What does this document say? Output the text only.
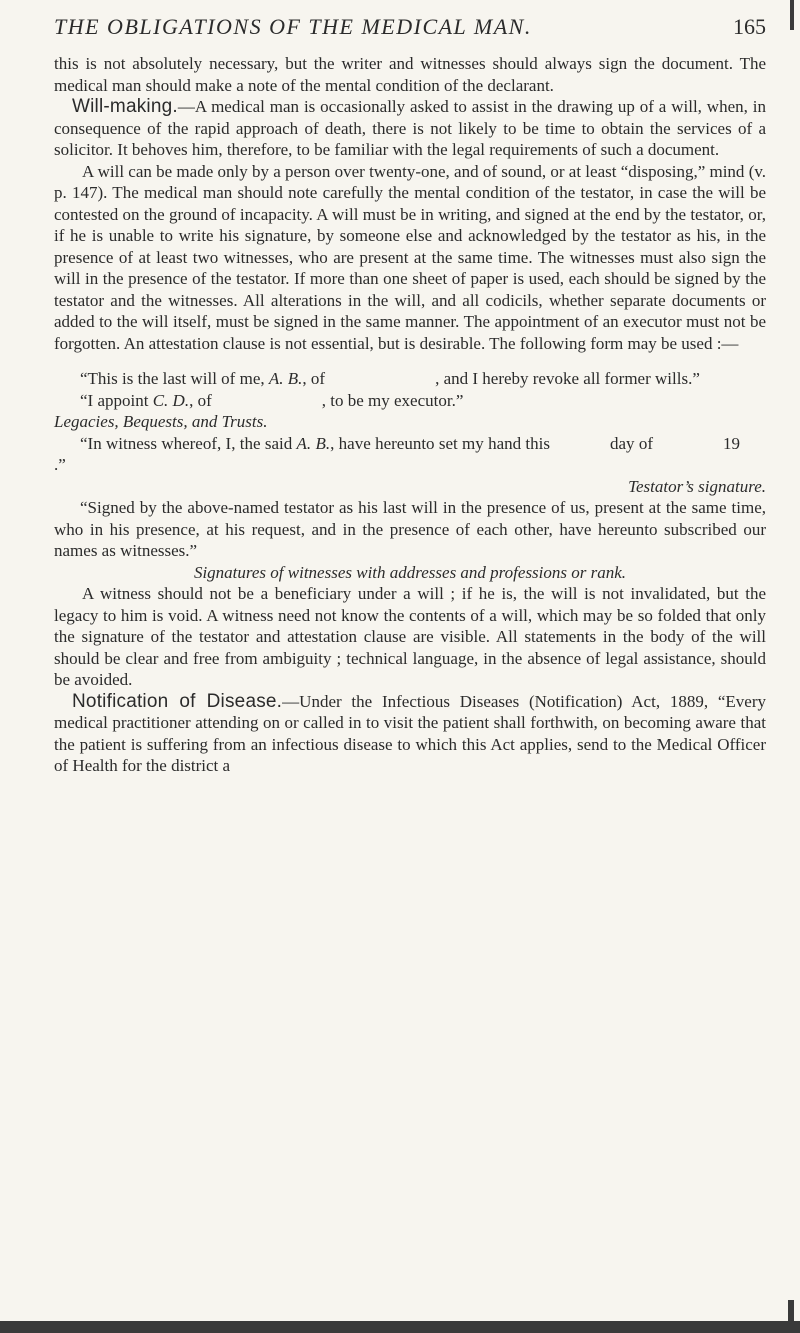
THE OBLIGATIONS OF THE MEDICAL MAN.	165

this is not absolutely necessary, but the writer and witnesses should always sign the document. The medical man should make a note of the mental condition of the declarant.

Will-making.—A medical man is occasionally asked to assist in the drawing up of a will, when, in consequence of the rapid approach of death, there is not likely to be time to obtain the services of a solicitor. It behoves him, therefore, to be familiar with the legal requirements of such a document.

A will can be made only by a person over twenty-one, and of sound, or at least “disposing,” mind (v. p. 147). The medical man should note carefully the mental condition of the testator, in case the will be contested on the ground of incapacity. A will must be in writing, and signed at the end by the testator, or, if he is unable to write his signature, by someone else and acknowledged by the testator as his, in the presence of at least two witnesses, who are present at the same time. The witnesses must also sign the will in the presence of the testator. If more than one sheet of paper is used, each should be signed by the testator and the witnesses. All alterations in the will, and all codicils, whether separate documents or added to the will itself, must be signed in the same manner. The appointment of an executor must not be forgotten. An attestation clause is not essential, but is desirable. The following form may be used :—

“This is the last will of me, A. B., of	, and I hereby revoke all former wills.”

“I appoint C. D., of	, to be my executor.”

Legacies, Bequests, and Trusts.

“In witness whereof, I, the said A. B., have hereunto set my hand this	day of	19.”

Testator’s signature.

“Signed by the above-named testator as his last will in the presence of us, present at the same time, who in his presence, at his request, and in the presence of each other, have hereunto subscribed our names as witnesses.”

Signatures of witnesses with addresses and professions or rank.

A witness should not be a beneficiary under a will ; if he is, the will is not invalidated, but the legacy to him is void. A witness need not know the contents of a will, which may be so folded that only the signature of the testator and attestation clause are visible. All statements in the body of the will should be clear and free from ambiguity ; technical language, in the absence of legal assistance, should be avoided.

Notification of Disease.—Under the Infectious Diseases (Notification) Act, 1889, “Every medical practitioner attending on or called in to visit the patient shall forthwith, on becoming aware that the patient is suffering from an infectious disease to which this Act applies, send to the Medical Officer of Health for the district a
